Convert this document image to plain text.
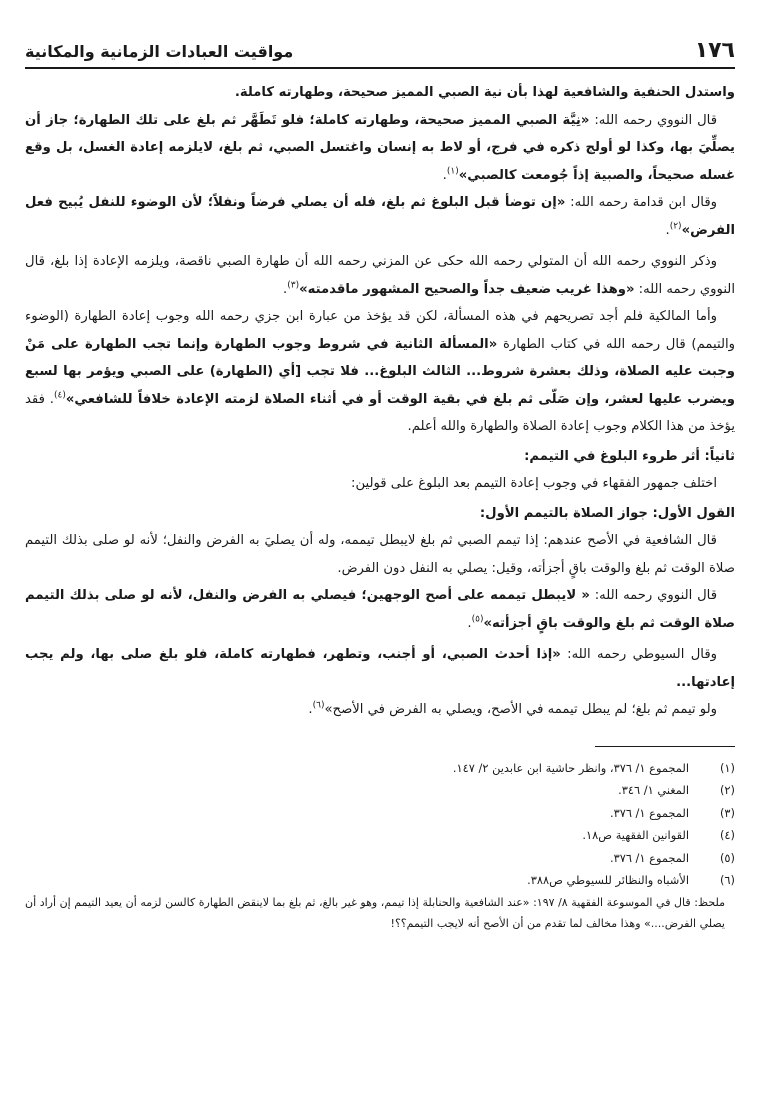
١٧٦
مواقيت العبادات الزمانية والمكانية

واستدل الحنفية والشافعية لهذا بأن نية الصبي المميز صحيحة، وطهارته كاملة.

قال النووي رحمه الله: «نِيَّة الصبي المميز صحيحة، وطهارته كاملة؛ فلو تَطَهَّر ثم بلغ على تلك الطهارة؛ جاز أن يصلِّيَ بها، وكذا لو أولج ذكره في فرج، أو لاط به إنسان واغتسل الصبي، ثم بلغ، لايلزمه إعادة الغسل، بل وقع غسله صحيحاً، والصبية إذاً جُومعت كالصبي»$^{(١)}$.

وقال ابن قدامة رحمه الله: «إن توضأ قبل البلوغ ثم بلغ، فله أن يصلي فرضاً ونفلاً؛ لأن الوضوء للنفل يُبيح فعل الفرض»$^{(٢)}$.

وذكر النووي رحمه الله أن المتولي رحمه الله حكى عن المزني رحمه الله أن طهارة الصبي ناقصة، ويلزمه الإعادة إذا بلغ، قال النووي رحمه الله: «وهذا غريب ضعيف جداً والصحيح المشهور ماقدمته»$^{(٣)}$.

وأما المالكية فلم أجد تصريحهم في هذه المسألة، لكن قد يؤخذ من عبارة ابن جزي رحمه الله وجوب إعادة الطهارة (الوضوء والتيمم) قال رحمه الله في كتاب الطهارة «المسألة الثانية في شروط وجوب الطهارة وإنما تجب الطهارة على مَنْ وجبت عليه الصلاة، وذلك بعشرة شروط... الثالث البلوغ... فلا تجب [أي (الطهارة) على الصبي ويؤمر بها لسبع ويضرب عليها لعشر، وإن صَلّى ثم بلغ في بقية الوقت أو في أثناء الصلاة لزمته الإعادة خلافاً للشافعي»$^{(٤)}$. فقد يؤخذ من هذا الكلام وجوب إعادة الصلاة والطهارة والله أعلم.

ثانياً: أثر طروء البلوغ في التيمم:

اختلف جمهور الفقهاء في وجوب إعادة التيمم بعد البلوغ على قولين:

القول الأول: جواز الصلاة بالتيمم الأول:

قال الشافعية في الأصح عندهم: إذا تيمم الصبي ثم بلغ لايبطل تيممه، وله أن يصليَ به الفرض والنفل؛ لأنه لو صلى بذلك التيمم صلاة الوقت ثم بلغ والوقت باقٍ أجزأته، وقيل: يصلي به النفل دون الفرض.

قال النووي رحمه الله: « لايبطل تيممه على أصح الوجهين؛ فيصلي به الفرض والنفل، لأنه لو صلى بذلك التيمم صلاة الوقت ثم بلغ والوقت باقٍ أجزأته»$^{(٥)}$.

وقال السيوطي رحمه الله: «إذا أحدث الصبي، أو أجنب، وتطهر، فطهارته كاملة، فلو بلغ صلى بها، ولم يجب إعادتها...

ولو تيمم ثم بلغ؛ لم يبطل تيممه في الأصح، ويصلي به الفرض في الأصح»$^{(٦)}$.

(١)
المجموع ١/ ٣٧٦، وانظر حاشية ابن عابدين ٢/ ١٤٧.
(٢)
المغني ١/ ٣٤٦.
(٣)
المجموع ١/ ٣٧٦.
(٤)
القوانين الفقهية ص١٨.
(٥)
المجموع ١/ ٣٧٦.
(٦)
الأشباه والنظائر للسيوطي ص٣٨٨.
ملحظ: قال في الموسوعة الفقهية ٨/ ١٩٧: «عند الشافعية والحنابلة إذا تيمم، وهو غير بالغ، ثم بلغ بما لاينقض الطهارة كالسن لزمه أن يعيد التيمم إن أراد أن يصلي الفرض....» وهذا مخالف لما تقدم من أن الأصح أنه لايجب التيمم؟؟!
